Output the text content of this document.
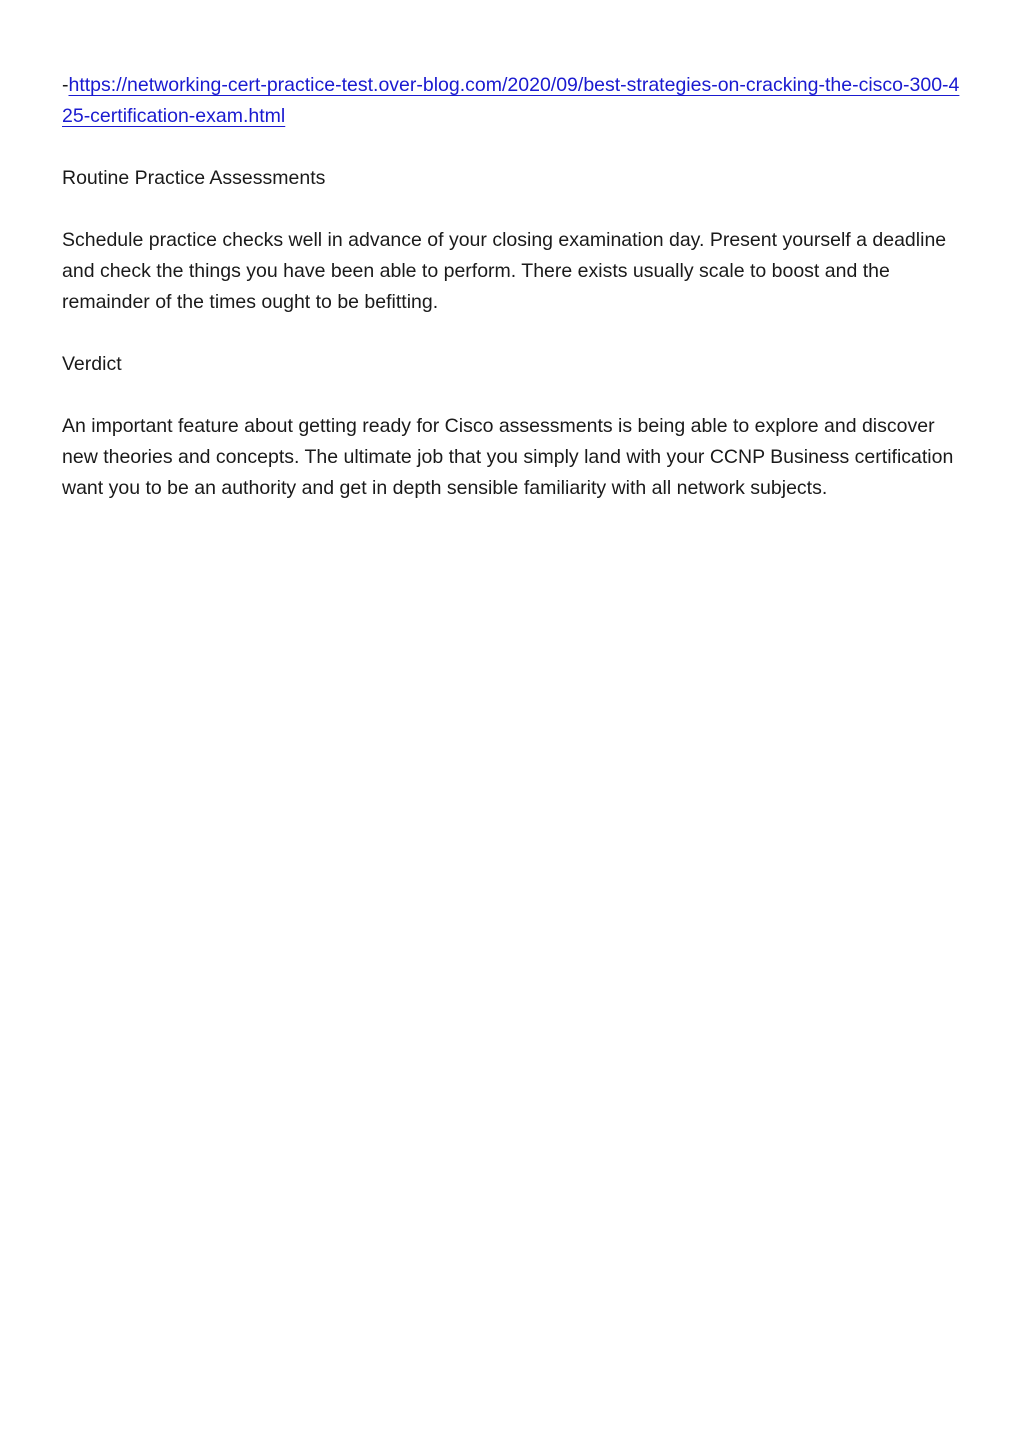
-https://networking-cert-practice-test.over-blog.com/2020/09/best-strategies-on-cracking-the-cisco-300-425-certification-exam.html

Routine Practice Assessments

Schedule practice checks well in advance of your closing examination day. Present yourself a deadline and check the things you have been able to perform. There exists usually scale to boost and the remainder of the times ought to be befitting.

Verdict

An important feature about getting ready for Cisco assessments is being able to explore and discover new theories and concepts. The ultimate job that you simply land with your CCNP Business certification want you to be an authority and get in depth sensible familiarity with all network subjects.
